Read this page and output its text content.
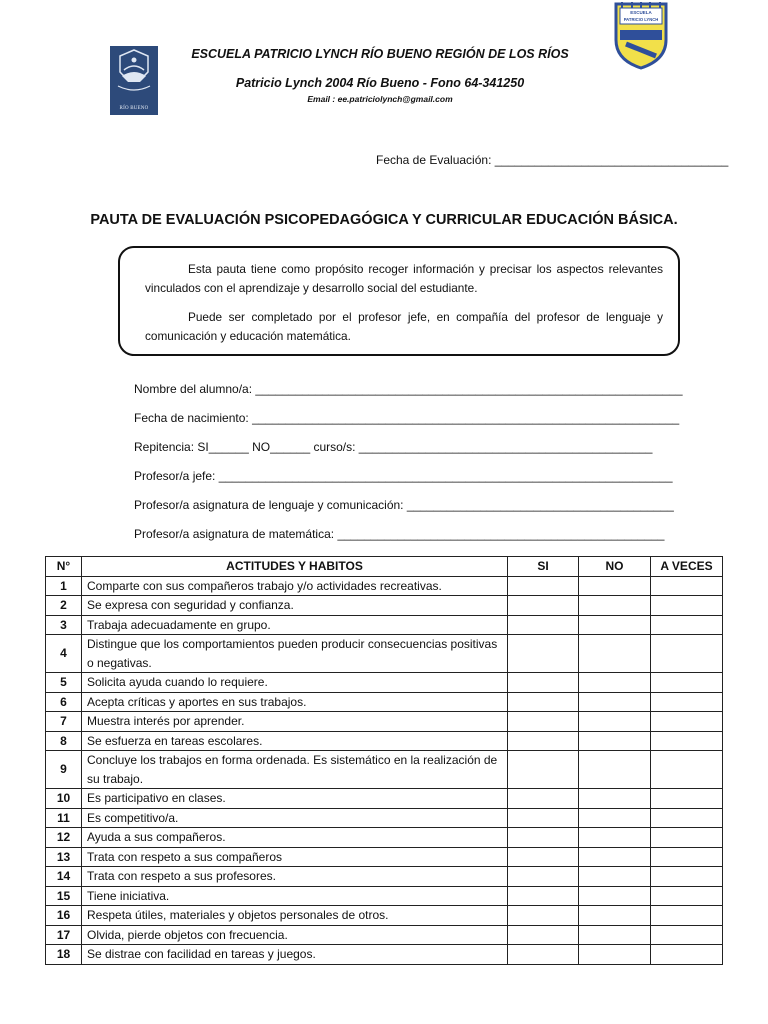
RÍO BUENO
ESCUELA
PATRICIO LYNCH
ESCUELA PATRICIO LYNCH RÍO BUENO REGIÓN DE LOS RÍOS
Patricio Lynch 2004 Río Bueno - Fono 64-341250
Email : ee.patriciolynch@gmail.com
Fecha de Evaluación: ___________________________________
PAUTA DE EVALUACIÓN PSICOPEDAGÓGICA Y CURRICULAR EDUCACIÓN BÁSICA.

Esta pauta tiene como propósito recoger información y precisar los aspectos relevantes vinculados con el aprendizaje y desarrollo social del estudiante.

Puede ser completado por el profesor jefe, en compañía del profesor de lenguaje y comunicación y educación matemática.

Nombre del alumno/a: ________________________________________________________________
Fecha de nacimiento: ________________________________________________________________
Repitencia: SI______ NO______ curso/s: ____________________________________________
Profesor/a jefe: ____________________________________________________________________
Profesor/a asignatura de lenguaje y comunicación: ________________________________________
Profesor/a asignatura de matemática: _________________________________________________
N°	ACTITUDES Y HABITOS	SI	NO	A VECES
1	Comparte con sus compañeros trabajo y/o actividades recreativas.			
2	Se expresa con seguridad y confianza.			
3	Trabaja adecuadamente en grupo.			
4	Distingue que los comportamientos pueden producir consecuencias positivas o negativas.			
5	Solicita ayuda cuando lo requiere.			
6	Acepta críticas y aportes en sus trabajos.			
7	Muestra interés por aprender.			
8	Se esfuerza en tareas escolares.			
9	Concluye los trabajos en forma ordenada. Es sistemático en la realización de su trabajo.			
10	Es participativo en clases.			
11	Es competitivo/a.			
12	Ayuda a sus compañeros.			
13	Trata con respeto a sus compañeros			
14	Trata con respeto a sus profesores.			
15	Tiene iniciativa.			
16	Respeta útiles, materiales y objetos personales de otros.			
17	Olvida, pierde objetos con frecuencia.			
18	Se distrae con facilidad en tareas y juegos.			
